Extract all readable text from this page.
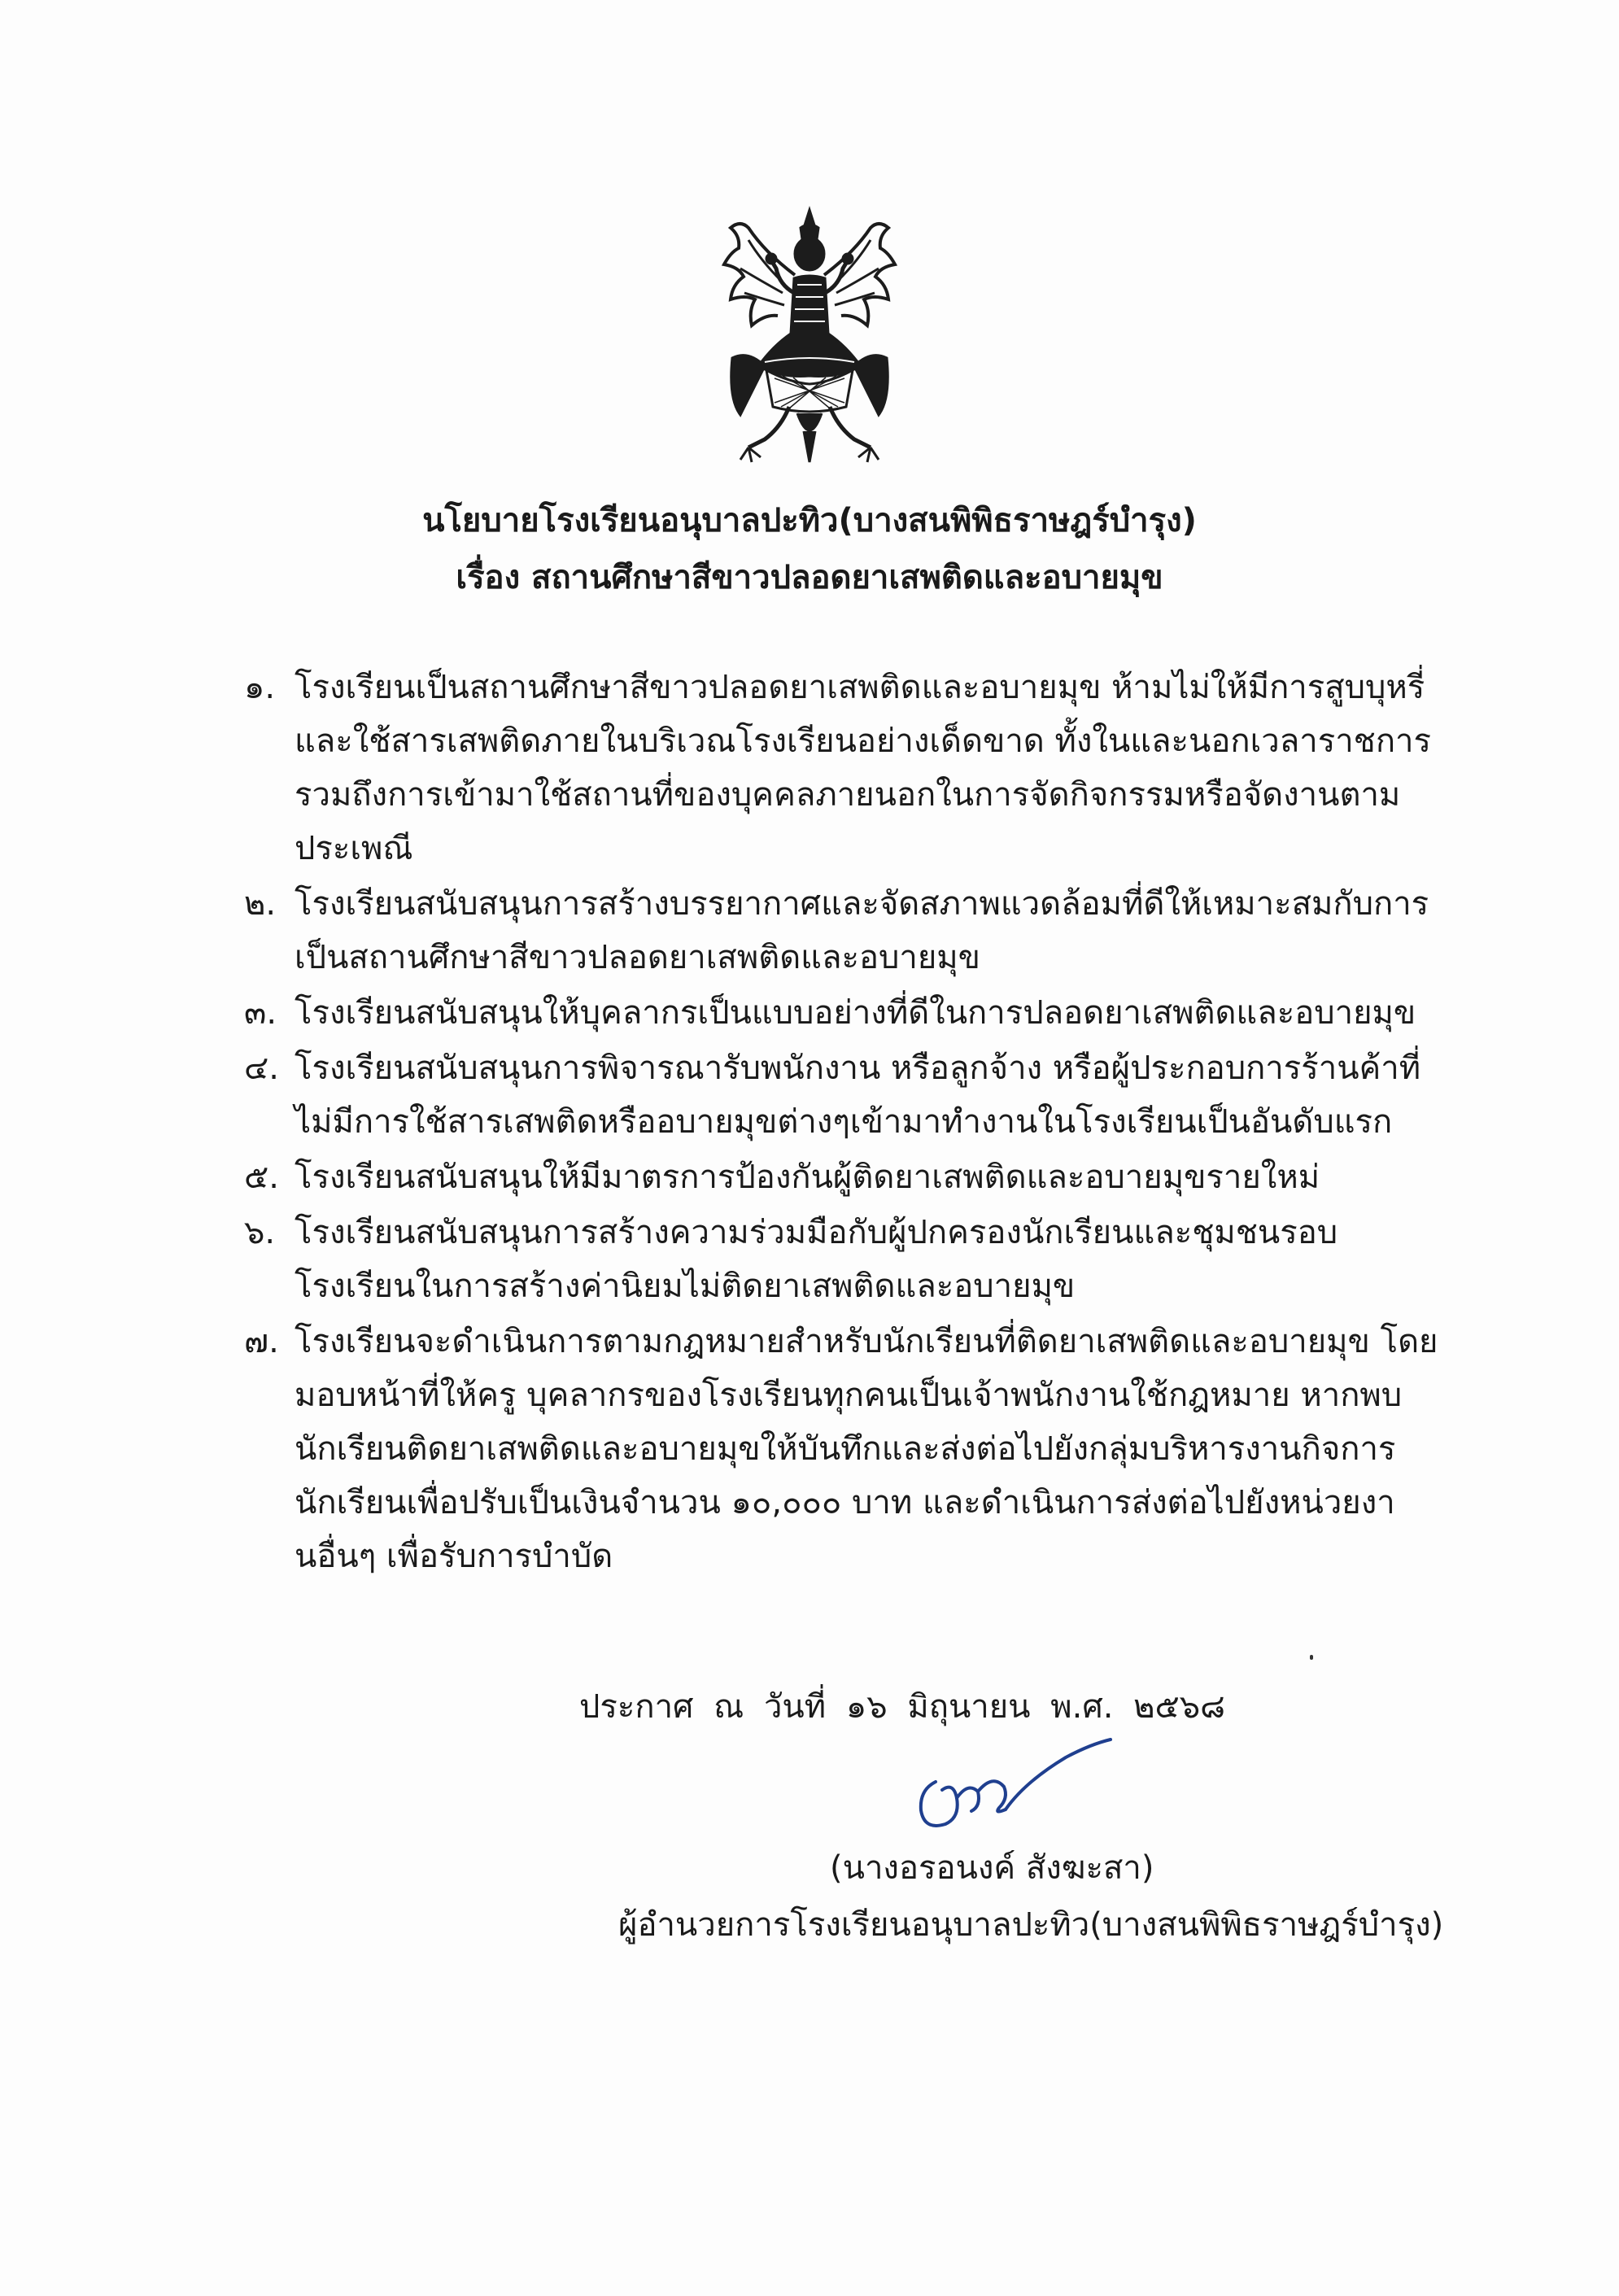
นโยบายโรงเรียนอนุบาลปะทิว(บางสนพิพิธราษฎร์บำรุง)
เรื่อง สถานศึกษาสีขาวปลอดยาเสพติดและอบายมุข
๑. โรงเรียนเป็นสถานศึกษาสีขาวปลอดยาเสพติดและอบายมุข ห้ามไม่ให้มีการสูบบุหรี่และใช้สารเสพติดภายในบริเวณโรงเรียนอย่างเด็ดขาด ทั้งในและนอกเวลาราชการ รวมถึงการเข้ามาใช้สถานที่ของบุคคลภายนอกในการจัดกิจกรรมหรือจัดงานตามประเพณี
๒. โรงเรียนสนับสนุนการสร้างบรรยากาศและจัดสภาพแวดล้อมที่ดีให้เหมาะสมกับการเป็นสถานศึกษาสีขาวปลอดยาเสพติดและอบายมุข
๓. โรงเรียนสนับสนุนให้บุคลากรเป็นแบบอย่างที่ดีในการปลอดยาเสพติดและอบายมุข
๔. โรงเรียนสนับสนุนการพิจารณารับพนักงาน หรือลูกจ้าง หรือผู้ประกอบการร้านค้าที่ไม่มีการใช้สารเสพติดหรืออบายมุขต่างๆเข้ามาทำงานในโรงเรียนเป็นอันดับแรก
๕. โรงเรียนสนับสนุนให้มีมาตรการป้องกันผู้ติดยาเสพติดและอบายมุขรายใหม่
๖. โรงเรียนสนับสนุนการสร้างความร่วมมือกับผู้ปกครองนักเรียนและชุมชนรอบโรงเรียนในการสร้างค่านิยมไม่ติดยาเสพติดและอบายมุข
๗. โรงเรียนจะดำเนินการตามกฎหมายสำหรับนักเรียนที่ติดยาเสพติดและอบายมุข โดยมอบหน้าที่ให้ครู บุคลากรของโรงเรียนทุกคนเป็นเจ้าพนักงานใช้กฎหมาย หากพบนักเรียนติดยาเสพติดและอบายมุขให้บันทึกและส่งต่อไปยังกลุ่มบริหารงานกิจการนักเรียนเพื่อปรับเป็นเงินจำนวน ๑๐,๐๐๐ บาท และดำเนินการส่งต่อไปยังหน่วยงานอื่นๆ เพื่อรับการบำบัด
ประกาศ ณ วันที่ ๑๖ มิถุนายน พ.ศ. ๒๕๖๘
(นางอรอนงค์ สังฆะสา)
ผู้อำนวยการโรงเรียนอนุบาลปะทิว(บางสนพิพิธราษฎร์บำรุง)
